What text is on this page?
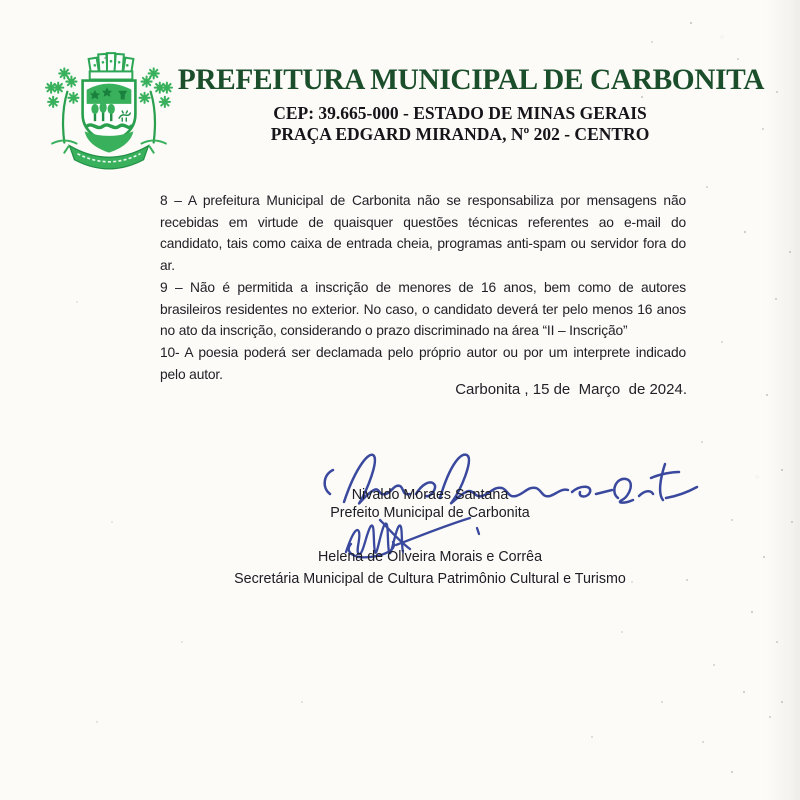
PREFEITURA MUNICIPAL DE CARBONITA
CEP: 39.665-000 - ESTADO DE MINAS GERAIS
PRAÇA EDGARD MIRANDA, Nº 202 - CENTRO

8 – A prefeitura Municipal de Carbonita não se responsabiliza por mensagens não recebidas em virtude de quaisquer questões técnicas referentes ao e-mail do candidato, tais como caixa de entrada cheia, programas anti-spam ou servidor fora do ar.

9 – Não é permitida a inscrição de menores de 16 anos, bem como de autores brasileiros residentes no exterior. No caso, o candidato deverá ter pelo menos 16 anos no ato da inscrição, considerando o prazo discriminado na área “II – Inscrição”

10- A poesia poderá ser declamada pelo próprio autor ou por um interprete indicado pelo autor.

Carbonita , 15 de  Março  de 2024.
Nivaldo Moraes Santana
Prefeito Municipal de Carbonita
Helena de Oliveira Morais e Corrêa
Secretária Municipal de Cultura Patrimônio Cultural e Turismo
